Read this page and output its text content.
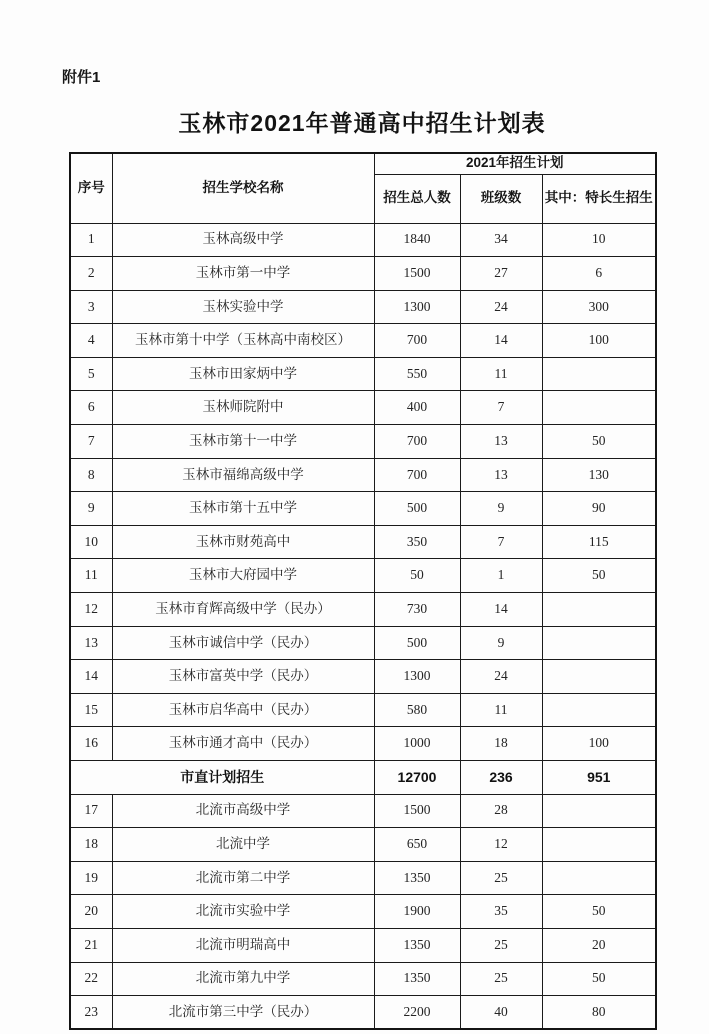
附件1
玉林市2021年普通高中招生计划表
序号	招生学校名称	2021年招生计划		
		招生总人数	班级数	其中：特长生招生
1	玉林高级中学	1840	34	10
2	玉林市第一中学	1500	27	6
3	玉林实验中学	1300	24	300
4	玉林市第十中学（玉林高中南校区）	700	14	100
5	玉林市田家炳中学	550	11	
6	玉林师院附中	400	7	
7	玉林市第十一中学	700	13	50
8	玉林市福绵高级中学	700	13	130
9	玉林市第十五中学	500	9	90
10	玉林市财苑高中	350	7	115
11	玉林市大府园中学	50	1	50
12	玉林市育辉高级中学（民办）	730	14	
13	玉林市诚信中学（民办）	500	9	
14	玉林市富英中学（民办）	1300	24	
15	玉林市启华高中（民办）	580	11	
16	玉林市通才高中（民办）	1000	18	100
市直计划招生		12700	236	951
17	北流市高级中学	1500	28	
18	北流中学	650	12	
19	北流市第二中学	1350	25	
20	北流市实验中学	1900	35	50
21	北流市明瑞高中	1350	25	20
22	北流市第九中学	1350	25	50
23	北流市第三中学（民办）	2200	40	80
